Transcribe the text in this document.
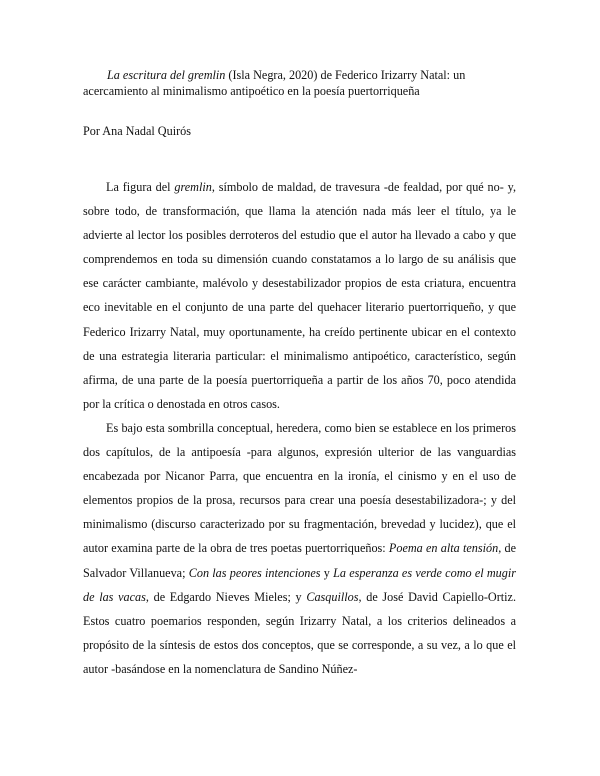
La escritura del gremlin (Isla Negra, 2020) de Federico Irizarry Natal: un acercamiento al minimalismo antipoético en la poesía puertorriqueña
Por Ana Nadal Quirós

La figura del gremlin, símbolo de maldad, de travesura -de fealdad, por qué no- y, sobre todo, de transformación, que llama la atención nada más leer el título, ya le advierte al lector los posibles derroteros del estudio que el autor ha llevado a cabo y que comprendemos en toda su dimensión cuando constatamos a lo largo de su análisis que ese carácter cambiante, malévolo y desestabilizador propios de esta criatura, encuentra eco inevitable en el conjunto de una parte del quehacer literario puertorriqueño, y que Federico Irizarry Natal, muy oportunamente, ha creído pertinente ubicar en el contexto de una estrategia literaria particular: el minimalismo antipoético, característico, según afirma, de una parte de la poesía puertorriqueña a partir de los años 70, poco atendida por la crítica o denostada en otros casos.

Es bajo esta sombrilla conceptual, heredera, como bien se establece en los primeros dos capítulos, de la antipoesía -para algunos, expresión ulterior de las vanguardias encabezada por Nicanor Parra, que encuentra en la ironía, el cinismo y en el uso de elementos propios de la prosa, recursos para crear una poesía desestabilizadora-; y del minimalismo (discurso caracterizado por su fragmentación, brevedad y lucidez), que el autor examina parte de la obra de tres poetas puertorriqueños: Poema en alta tensión, de Salvador Villanueva; Con las peores intenciones y La esperanza es verde como el mugir de las vacas, de Edgardo Nieves Mieles; y Casquillos, de José David Capiello-Ortiz. Estos cuatro poemarios responden, según Irizarry Natal, a los criterios delineados a propósito de la síntesis de estos dos conceptos, que se corresponde, a su vez, a lo que el autor -basándose en la nomenclatura de Sandino Núñez-
